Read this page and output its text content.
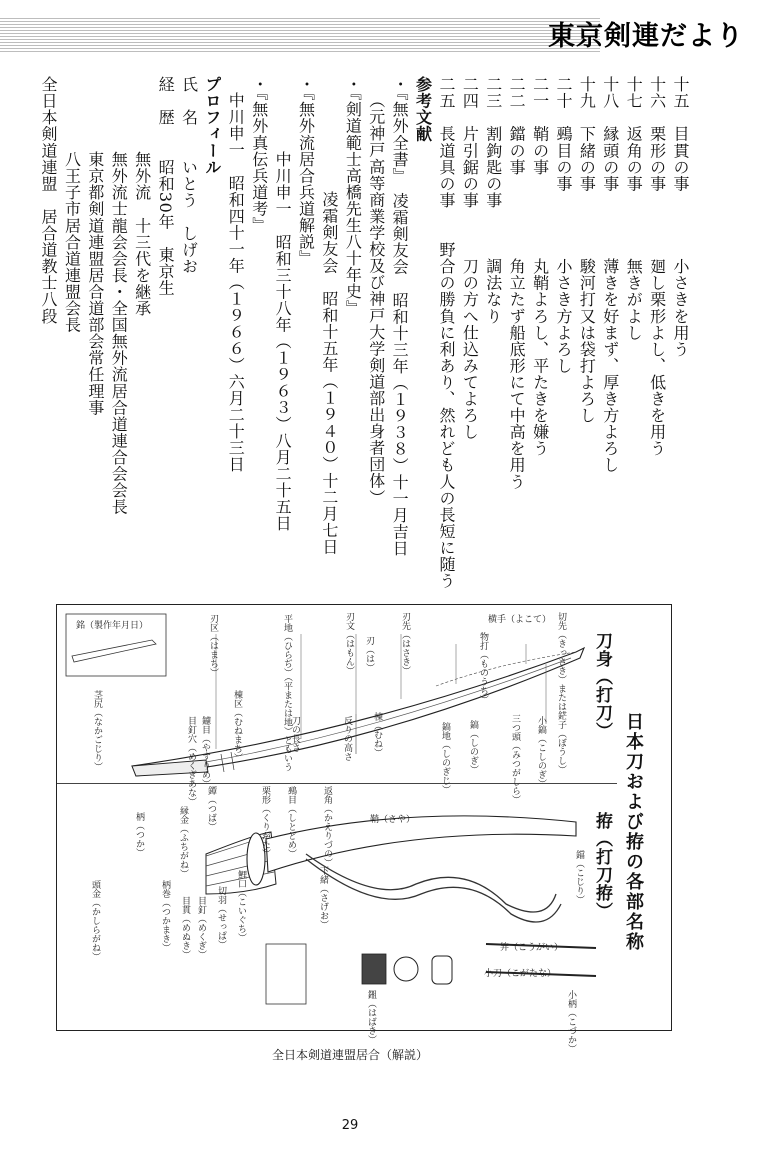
東京剣連だより

十五　目貫の事　　　　小さきを用う

十六　栗形の事　　　　廻し栗形よし、低きを用う

十七　返角の事　　　　無きがよし

十八　縁頭の事　　　　薄きを好まず、厚き方よろし

十九　下緒の事　　　　駿河打又は袋打よろし

二十　鵐目の事　　　　小さき方よろし

二一　鞘の事　　　　　丸鞘よろし、平たきを嫌う

二二　鐺の事　　　　　角立たず船底形にて中高を用う

二三　割鉤匙の事　　　調法なり

二四　片引鋸の事　　　刀の方へ仕込みてよろし

二五　長道具の事　　野合の勝負に利あり、然れども人の長短に随う

参考文献

・『無外全書』　凌霜剣友会　昭和十三年（１９３８）十一月吉日

（元神戸高等商業学校及び神戸大学剣道部出身者団体）

・『剣道範士高橋先生八十年史』

凌霜剣友会　昭和十五年（１９４０）十二月七日

・『無外流居合兵道解説』

中川申一　昭和三十八年（１９６３）八月二十五日

・『無外真伝兵道考』

中川申一　昭和四十一年（１９６６）六月二十三日

プロフィール

氏　名　　いとう　しげお

経　歴　　昭和30年　東京生

無外流　十三代を継承

無外流士龍会会長・全国無外流居合道連合会会長

東京都剣道連盟居合道部会常任理事

八王子市居合道連盟会長

全日本剣道連盟　居合道教士八段

日本刀および拵の各部名称
刀身（打刀）
拵（打刀拵）
銘（製作年月日）	刃区（はまち）	平地（ひらぢ）（平または地）ともいう	刃文（はもん） 刃（は）	刃先（はさき）	物打（ものうち）
横手（よこて） 切先（きっさき）または鋩子（ぼうし）
茎尻（なかごじり）	棟区（むねまち）	刀の長さ	反りの高さ 棟（むね）	鎬地（しのぎじ） 鎬（しのぎ）	三つ頭（みつがしら） 小鎬（こしのぎ）
目釘穴（めくぎあな） 鑢目（やすりめ）
鞘（さや）
鐺（こじり）
返角（かえりづの）
栗形（くりがた） 鵐目（しとどめ）
下緒（さげお）
鯉口（こいぐち）
切羽（せっぱ）
鐔（つば）
縁金（ふちがね）
柄（つか）
柄巻（つかまき） 目貫（めぬき） 目釘（めくぎ）
頭金（かしらがね）
鎺（はばき）
笄（こうがい）
小刀（こがたな）
小柄（こづか）
全日本剣道連盟居合（解説）
29
